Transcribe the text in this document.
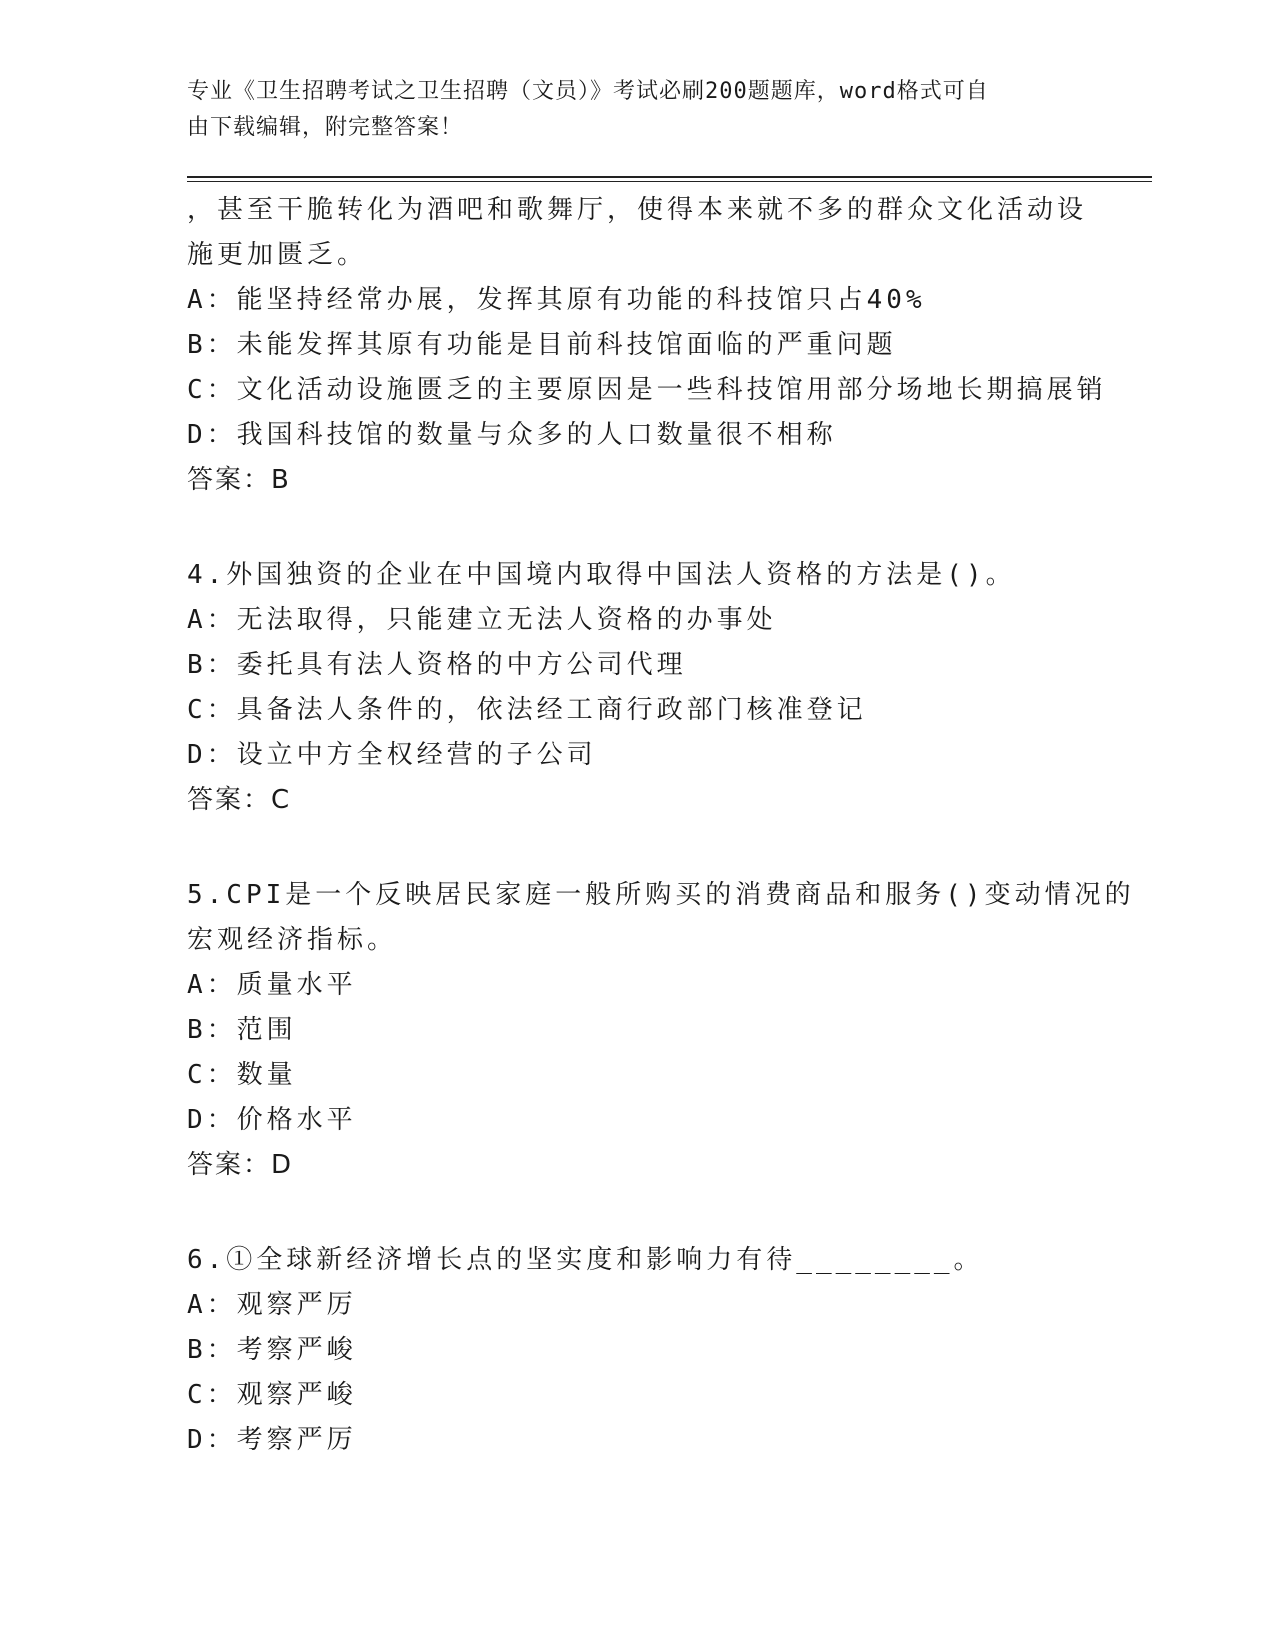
专业《卫生招聘考试之卫生招聘（文员）》考试必刷200题题库，word格式可自
由下载编辑，附完整答案！
，甚至干脆转化为酒吧和歌舞厅，使得本来就不多的群众文化活动设
施更加匮乏。
A：能坚持经常办展，发挥其原有功能的科技馆只占40%
B：未能发挥其原有功能是目前科技馆面临的严重问题
C：文化活动设施匮乏的主要原因是一些科技馆用部分场地长期搞展销
D：我国科技馆的数量与众多的人口数量很不相称
答案：B
4.外国独资的企业在中国境内取得中国法人资格的方法是()。
A：无法取得，只能建立无法人资格的办事处
B：委托具有法人资格的中方公司代理
C：具备法人条件的，依法经工商行政部门核准登记
D：设立中方全权经营的子公司
答案：C
5.CPI是一个反映居民家庭一般所购买的消费商品和服务()变动情况的
宏观经济指标。
A：质量水平
B：范围
C：数量
D：价格水平
答案：D
6.①全球新经济增长点的坚实度和影响力有待________。
A：观察严厉
B：考察严峻
C：观察严峻
D：考察严厉
